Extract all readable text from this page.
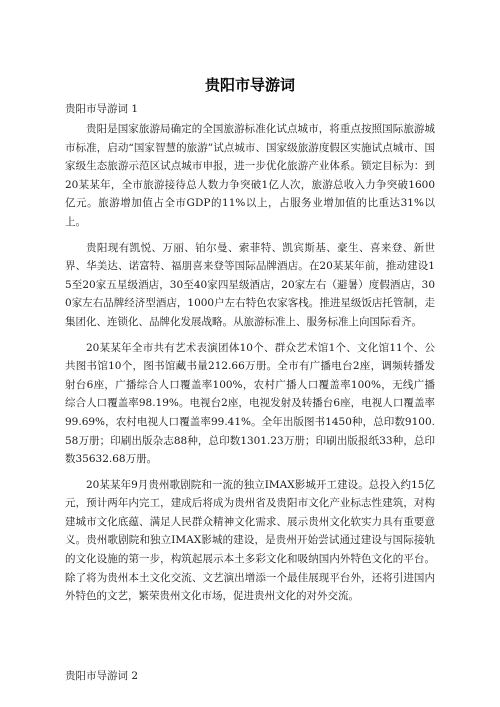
贵阳市导游词

贵阳市导游词 1

贵阳是国家旅游局确定的全国旅游标准化试点城市，将重点按照国际旅游城市标准，启动“国家智慧的旅游”试点城市、国家级旅游度假区实施试点城市、国家级生态旅游示范区试点城市申报，进一步优化旅游产业体系。锁定目标为：到20某某年，全市旅游接待总人数力争突破1亿人次，旅游总收入力争突破1600亿元。旅游增加值占全市GDP的11%以上，占服务业增加值的比重达31%以上。

贵阳现有凯悦、万丽、铂尔曼、索菲特、凯宾斯基、豪生、喜来登、新世界、华美达、诺富特、福朋喜来登等国际品牌酒店。在20某某年前，推动建设15至20家五星级酒店，30至40家四星级酒店，20家左右（避暑）度假酒店，300家左右品牌经济型酒店，1000户左右特色农家客栈。推进星级饭店托管制，走集团化、连锁化、品牌化发展战略。从旅游标准上、服务标准上向国际看齐。

20某某年全市共有艺术表演团体10个、群众艺术馆1个、文化馆11个、公共图书馆10个，图书馆藏书量212.66万册。全市有广播电台2座，调频转播发射台6座，广播综合人口覆盖率100%，农村广播人口覆盖率100%，无线广播综合人口覆盖率98.19%。电视台2座，电视发射及转播台6座，电视人口覆盖率99.69%，农村电视人口覆盖率99.41%。全年出版图书1450种，总印数9100.58万册；印刷出版杂志88种，总印数1301.23万册；印刷出版报纸33种，总印数35632.68万册。

20某某年9月贵州歌剧院和一流的独立IMAX影城开工建设。总投入约15亿元，预计两年内完工，建成后将成为贵州省及贵阳市文化产业标志性建筑，对构建城市文化底蕴、满足人民群众精神文化需求、展示贵州文化软实力具有重要意义。贵州歌剧院和独立IMAX影城的建设，是贵州开始尝试通过建设与国际接轨的文化设施的第一步，构筑起展示本土多彩文化和吸纳国内外特色文化的平台。除了将为贵州本土文化交流、文艺演出增添一个最佳展现平台外，还将引进国内外特色的文艺，繁荣贵州文化市场，促进贵州文化的对外交流。

贵阳市导游词 2
